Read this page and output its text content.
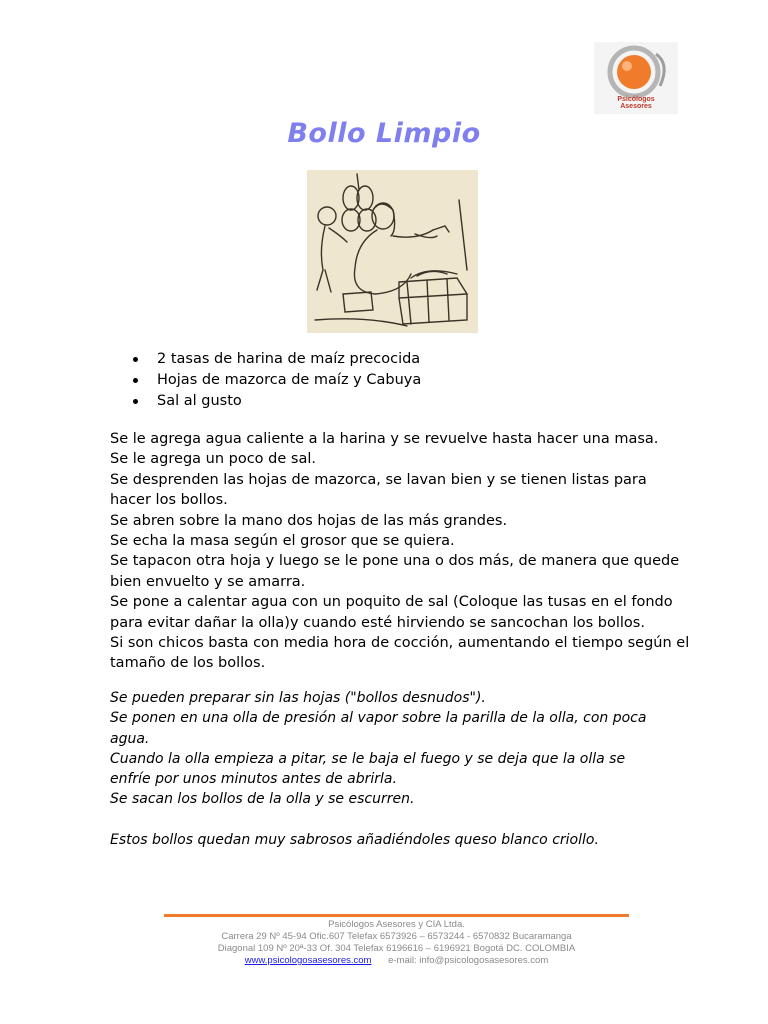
Psicólogos
Asesores
Bollo Limpio
2 tasas de harina de maíz precocida
Hojas de mazorca de maíz y Cabuya
Sal al gusto

Se le agrega agua caliente a la harina y se revuelve hasta hacer una masa.

Se le agrega un poco de sal.

Se desprenden las hojas de mazorca, se lavan bien y se tienen listas para

hacer los bollos.

Se abren sobre la mano dos hojas de las más grandes.

Se echa la masa según el grosor que se quiera.

Se tapacon otra hoja y luego se le pone una o dos más, de manera que quede

bien envuelto y se amarra.

Se pone a calentar agua con un poquito de sal (Coloque las tusas en el fondo

para evitar dañar la olla)y cuando esté hirviendo se sancochan los bollos.

Si son chicos basta con media hora de cocción, aumentando el tiempo según el

tamaño de los bollos.

Se pueden preparar sin las hojas ("bollos desnudos").

Se ponen en una olla de presión al vapor sobre la parilla de la olla, con poca

agua.

Cuando la olla empieza a pitar, se le baja el fuego y se deja que la olla se

enfríe por unos minutos antes de abrirla.

Se sacan los bollos de la olla y se escurren.

Estos bollos quedan muy sabrosos añadiéndoles queso blanco criollo.

Psicólogos Asesores y CIA Ltda.

Carrera 29 Nº 45-94 Ofic.607 Telefax 6573926 – 6573244 - 6570832 Bucaramanga

Diagonal 109 Nº 20ª-33 Of. 304 Telefax 6196616 – 6196921 Bogotá DC. COLOMBIA

www.psicologosasesores.com e-mail: info@psicologosasesores.com
